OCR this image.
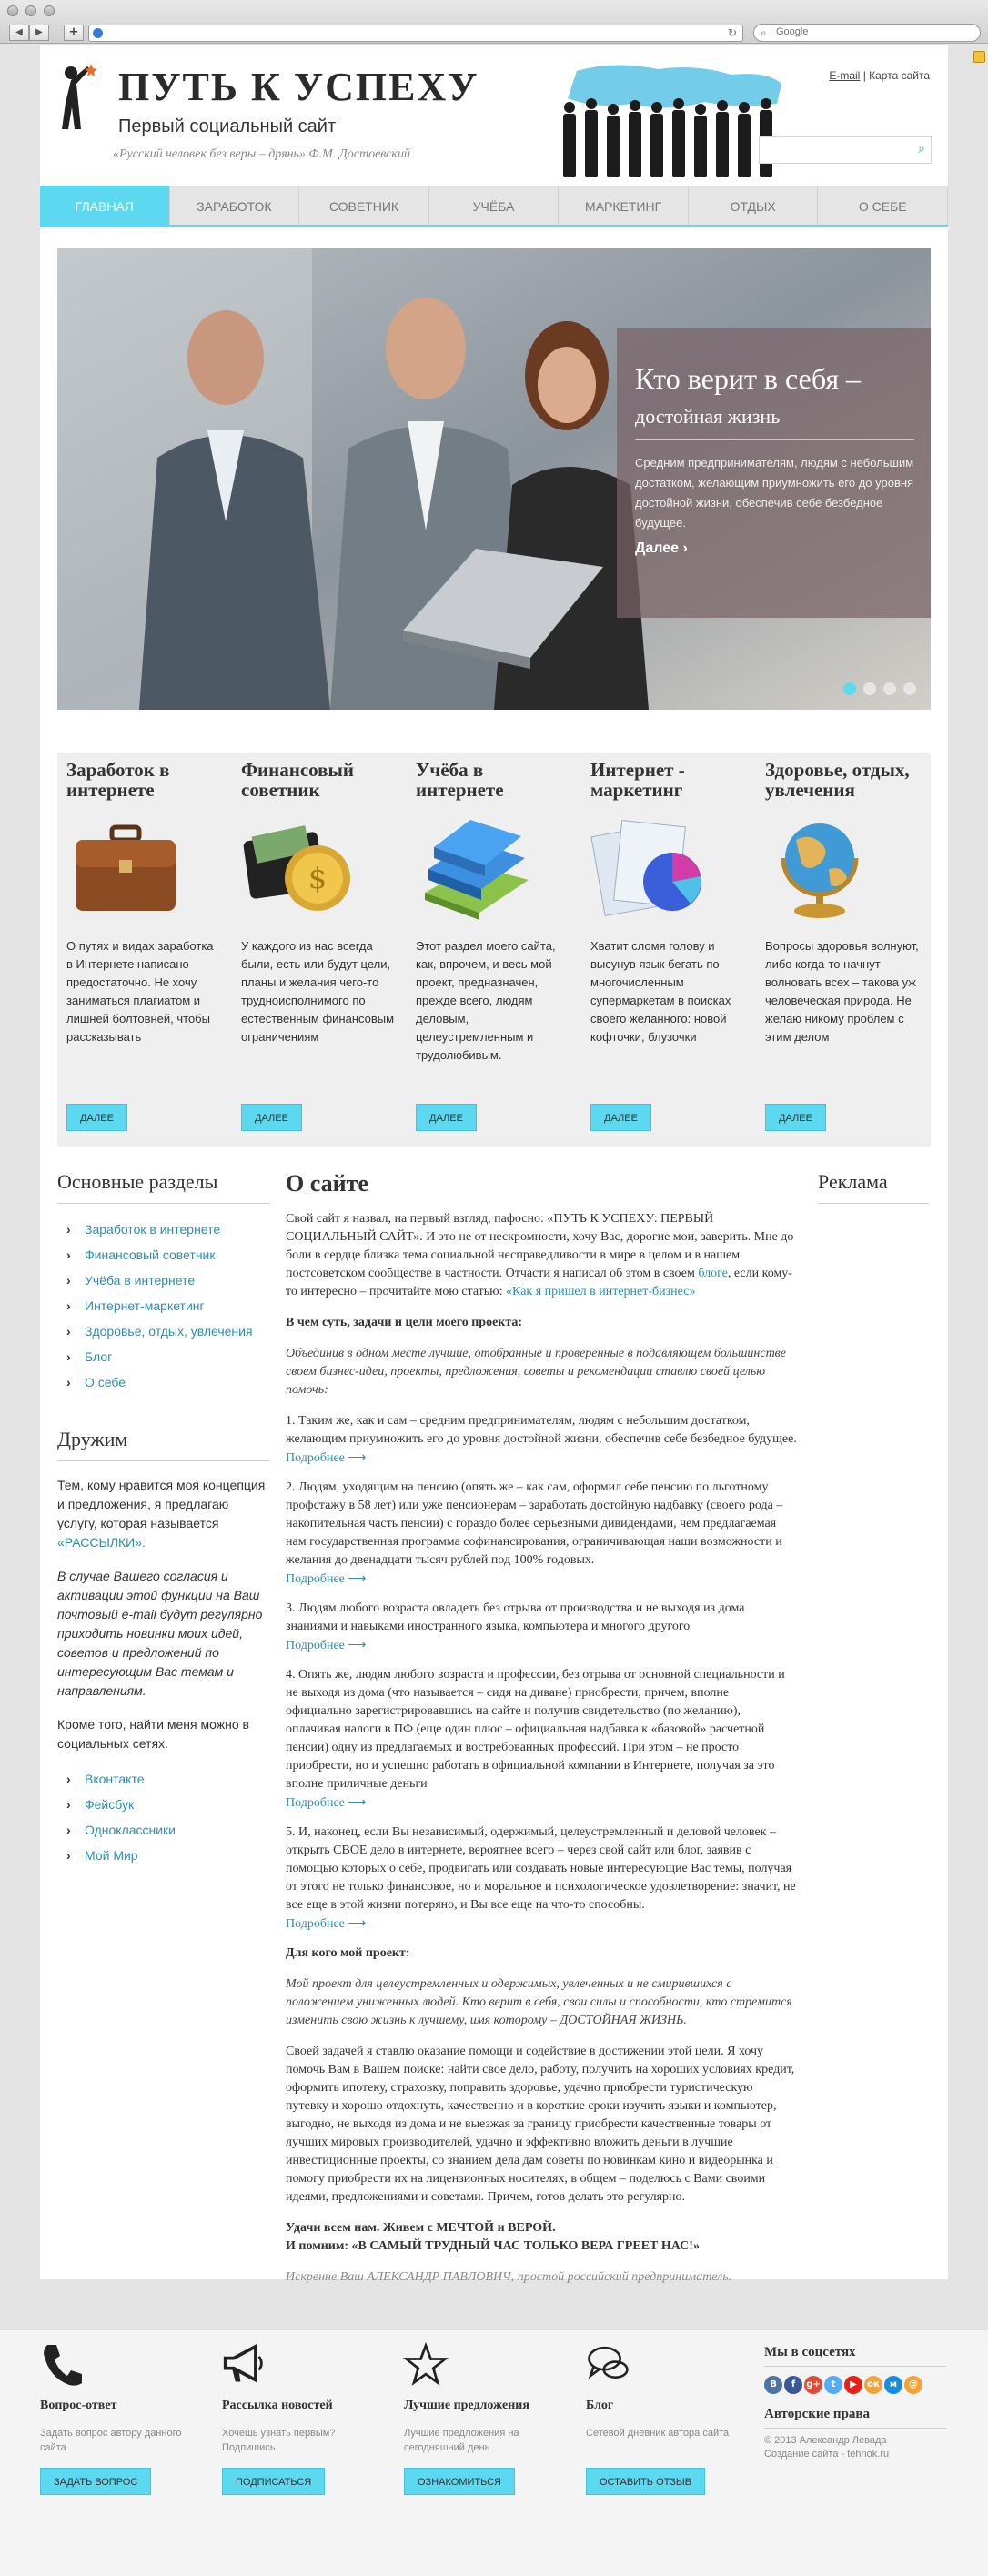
◀	▶	+	↻ ⌕
Google
ПУТЬ К УСПЕХУ
Первый социальный сайт
«Русский человек без веры – дрянь» Ф.М. Достоевский
E-mail | Карта сайта
⌕
ГЛАВНАЯ	ЗАРАБОТОК	СОВЕТНИК	УЧЁБА	МАРКЕТИНГ	ОТДЫХ	О СЕБЕ
Кто верит в себя –
достойная жизнь
Средним предпринимателям, людям с небольшим достатком, желающим приумножить его до уровня достойной жизни, обеспечив себе безбедное будущее.
Далее ›
Заработок в интернете
О путях и видах заработка в Интернете написано предостаточно. Не хочу заниматься плагиатом и лишней болтовней, чтобы рассказывать
ДАЛЕЕ
Финансовый советник
$
У каждого из нас всегда были, есть или будут цели, планы и желания чего-то трудноисполнимого по естественным финансовым ограничениям
ДАЛЕЕ
Учёба в интернете
Этот раздел моего сайта, как, впрочем, и весь мой проект, предназначен, прежде всего, людям деловым, целеустремленным и трудолюбивым.
ДАЛЕЕ
Интернет - маркетинг
Хватит сломя голову и высунув язык бегать по многочисленным супермаркетам в поисках своего желанного: новой кофточки, блузочки
ДАЛЕЕ
Здоровье, отдых, увлечения
Вопросы здоровья волнуют, либо когда-то начнут волновать всех – такова уж человеческая природа. Не желаю никому проблем с этим делом
ДАЛЕЕ
Основные разделы
› Заработок в интернете
› Финансовый советник
› Учёба в интернете
› Интернет-маркетинг
› Здоровье, отдых, увлечения
› Блог
› О себе
Дружим

Тем, кому нравится моя концепция и предложения, я предлагаю услугу, которая называется «РАССЫЛКИ».

В случае Вашего согласия и активации этой функции на Ваш почтовый e-mail будут регулярно приходить новинки моих идей, советов и предложений по интересующим Вас темам и направлениям.

Кроме того, найти меня можно в социальных сетях.

› Вконтакте
› Фейсбук
› Одноклассники
› Мой Мир
О сайте

Свой сайт я назвал, на первый взгляд, пафосно: «ПУТЬ К УСПЕХУ: ПЕРВЫЙ СОЦИАЛЬНЫЙ САЙТ». И это не от нескромности, хочу Вас, дорогие мои, заверить. Мне до боли в сердце близка тема социальной несправедливости в мире в целом и в нашем постсоветском сообществе в частности. Отчасти я написал об этом в своем блоге, если кому-то интересно – прочитайте мою статью: «Как я пришел в интернет-бизнес»

В чем суть, задачи и цели моего проекта:

Объединив в одном месте лучшие, отобранные и проверенные в подавляющем большинстве своем бизнес-идеи, проекты, предложения, советы и рекомендации ставлю своей целью помочь:

1. Таким же, как и сам – средним предпринимателям, людям с небольшим достатком, желающим приумножить его до уровня достойной жизни, обеспечив себе безбедное будущее.

Подробнее ⟶

2. Людям, уходящим на пенсию (опять же – как сам, оформил себе пенсию по льготному профстажу в 58 лет) или уже пенсионерам – заработать достойную надбавку (своего рода – накопительная часть пенсии) с гораздо более серьезными дивидендами, чем предлагаемая нам государственная программа софинансирования, ограничивающая наши возможности и желания до двенадцати тысяч рублей под 100% годовых.

Подробнее ⟶

3. Людям любого возраста овладеть без отрыва от производства и не выходя из дома знаниями и навыками иностранного языка, компьютера и многого другого

Подробнее ⟶

4. Опять же, людям любого возраста и профессии, без отрыва от основной специальности и не выходя из дома (что называется – сидя на диване) приобрести, причем, вполне официально зарегистрировавшись на сайте и получив свидетельство (по желанию), оплачивая налоги в ПФ (еще один плюс – официальная надбавка к «базовой» расчетной пенсии) одну из предлагаемых и востребованных профессий. При этом – не просто приобрести, но и успешно работать в официальной компании в Интернете, получая за это вполне приличные деньги

Подробнее ⟶

5. И, наконец, если Вы независимый, одержимый, целеустремленный и деловой человек – открыть СВОЕ дело в интернете, вероятнее всего – через свой сайт или блог, заявив с помощью которых о себе, продвигать или создавать новые интересующие Вас темы, получая от этого не только финансовое, но и моральное и психологическое удовлетворение: значит, не все еще в этой жизни потеряно, и Вы все еще на что-то способны.

Подробнее ⟶

Для кого мой проект:

Мой проект для целеустремленных и одержимых, увлеченных и не смирившихся с положением униженных людей. Кто верит в себя, свои силы и способности, кто стремится изменить свою жизнь к лучшему, имя которому – ДОСТОЙНАЯ ЖИЗНЬ.

Своей задачей я ставлю оказание помощи и содействие в достижении этой цели. Я хочу помочь Вам в Вашем поиске: найти свое дело, работу, получить на хороших условиях кредит, оформить ипотеку, страховку, поправить здоровье, удачно приобрести туристическую путевку и хорошо отдохнуть, качественно и в короткие сроки изучить языки и компьютер, выгодно, не выходя из дома и не выезжая за границу приобрести качественные товары от лучших мировых производителей, удачно и эффективно вложить деньги в лучшие инвестиционные проекты, со знанием дела дам советы по новинкам кино и видеорынка и помогу приобрести их на лицензионных носителях, в общем – поделюсь с Вами своими идеями, предложениями и советами. Причем, готов делать это регулярно.

Удачи всем нам. Живем с МЕЧТОЙ и ВЕРОЙ.
И помним: «В САМЫЙ ТРУДНЫЙ ЧАС ТОЛЬКО ВЕРА ГРЕЕТ НАС!»

Искренне Ваш АЛЕКСАНДР ПАВЛОВИЧ, простой российский предприниматель.

Реклама
Вопрос-ответ
Задать вопрос автору данного сайта
ЗАДАТЬ ВОПРОС
Рассылка новостей
Хочешь узнать первым? Подпишись
ПОДПИСАТЬСЯ
Лучшие предложения
Лучшие предложения на сегодняшний день
ОЗНАКОМИТЬСЯ
Блог
Сетевой дневник автора сайта
ОСТАВИТЬ ОТЗЫВ
Мы в соцсетях
В	f	g+	t	▶	ок	м	@
Авторские права
© 2013 Александр Левада
Создание сайта - tehnok.ru
